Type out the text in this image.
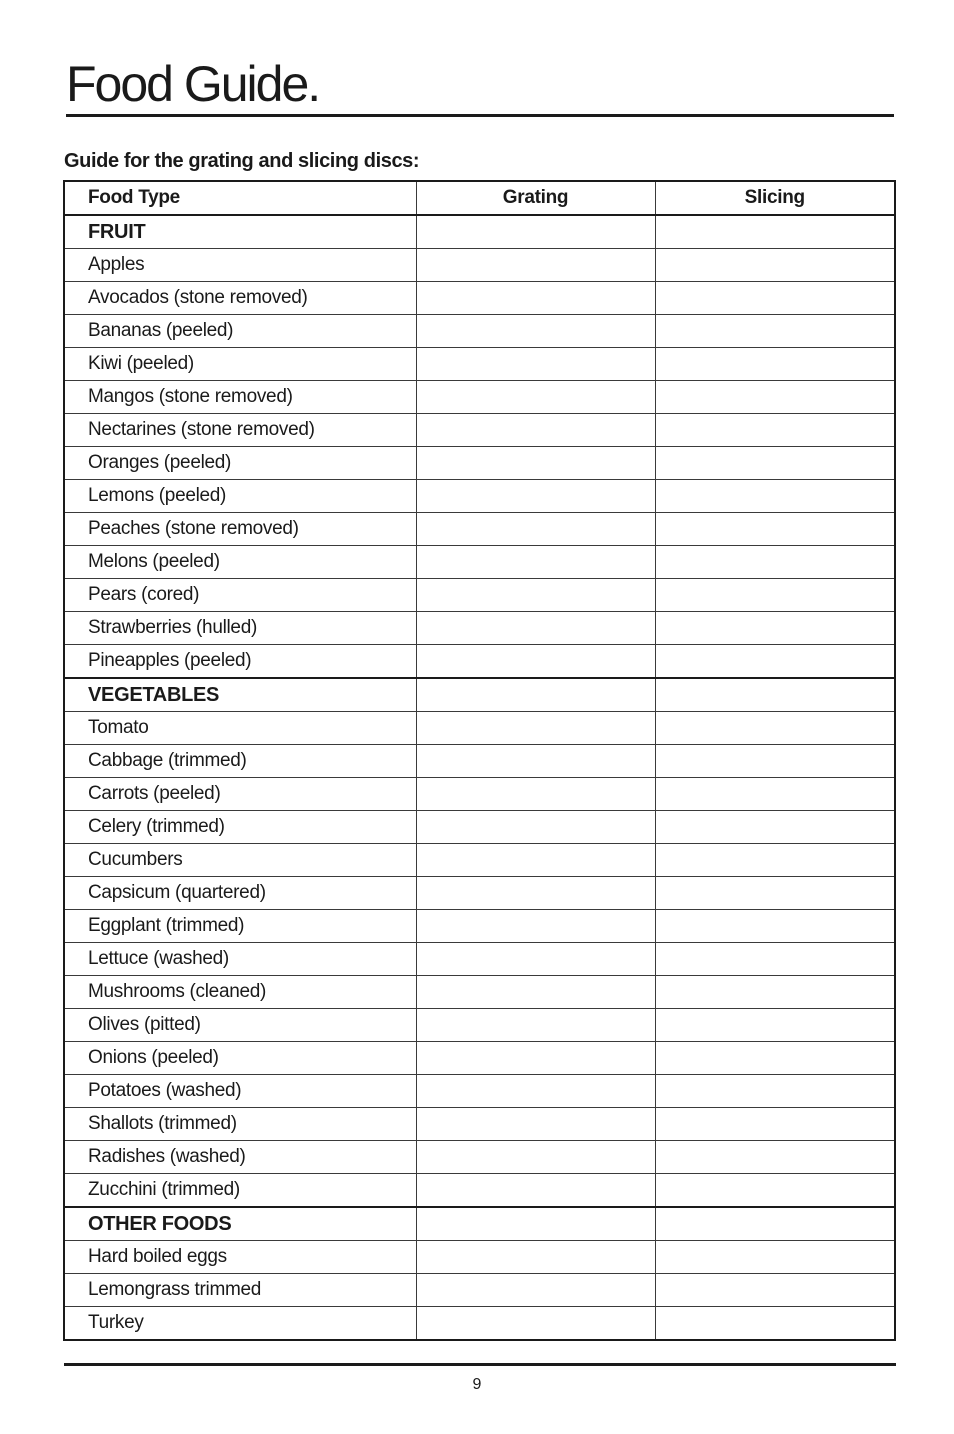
Food Guide.
Guide for the grating and slicing discs:
Food Type	Grating	Slicing
FRUIT		
Apples		
Avocados (stone removed)		
Bananas (peeled)		
Kiwi (peeled)		
Mangos (stone removed)		
Nectarines (stone removed)		
Oranges (peeled)		
Lemons (peeled)		
Peaches (stone removed)		
Melons (peeled)		
Pears (cored)		
Strawberries (hulled)		
Pineapples (peeled)		
VEGETABLES		
Tomato		
Cabbage (trimmed)		
Carrots (peeled)		
Celery (trimmed)		
Cucumbers		
Capsicum (quartered)		
Eggplant (trimmed)		
Lettuce (washed)		
Mushrooms (cleaned)		
Olives (pitted)		
Onions (peeled)		
Potatoes (washed)		
Shallots (trimmed)		
Radishes (washed)		
Zucchini (trimmed)		
OTHER FOODS		
Hard boiled eggs		
Lemongrass trimmed		
Turkey		
9
